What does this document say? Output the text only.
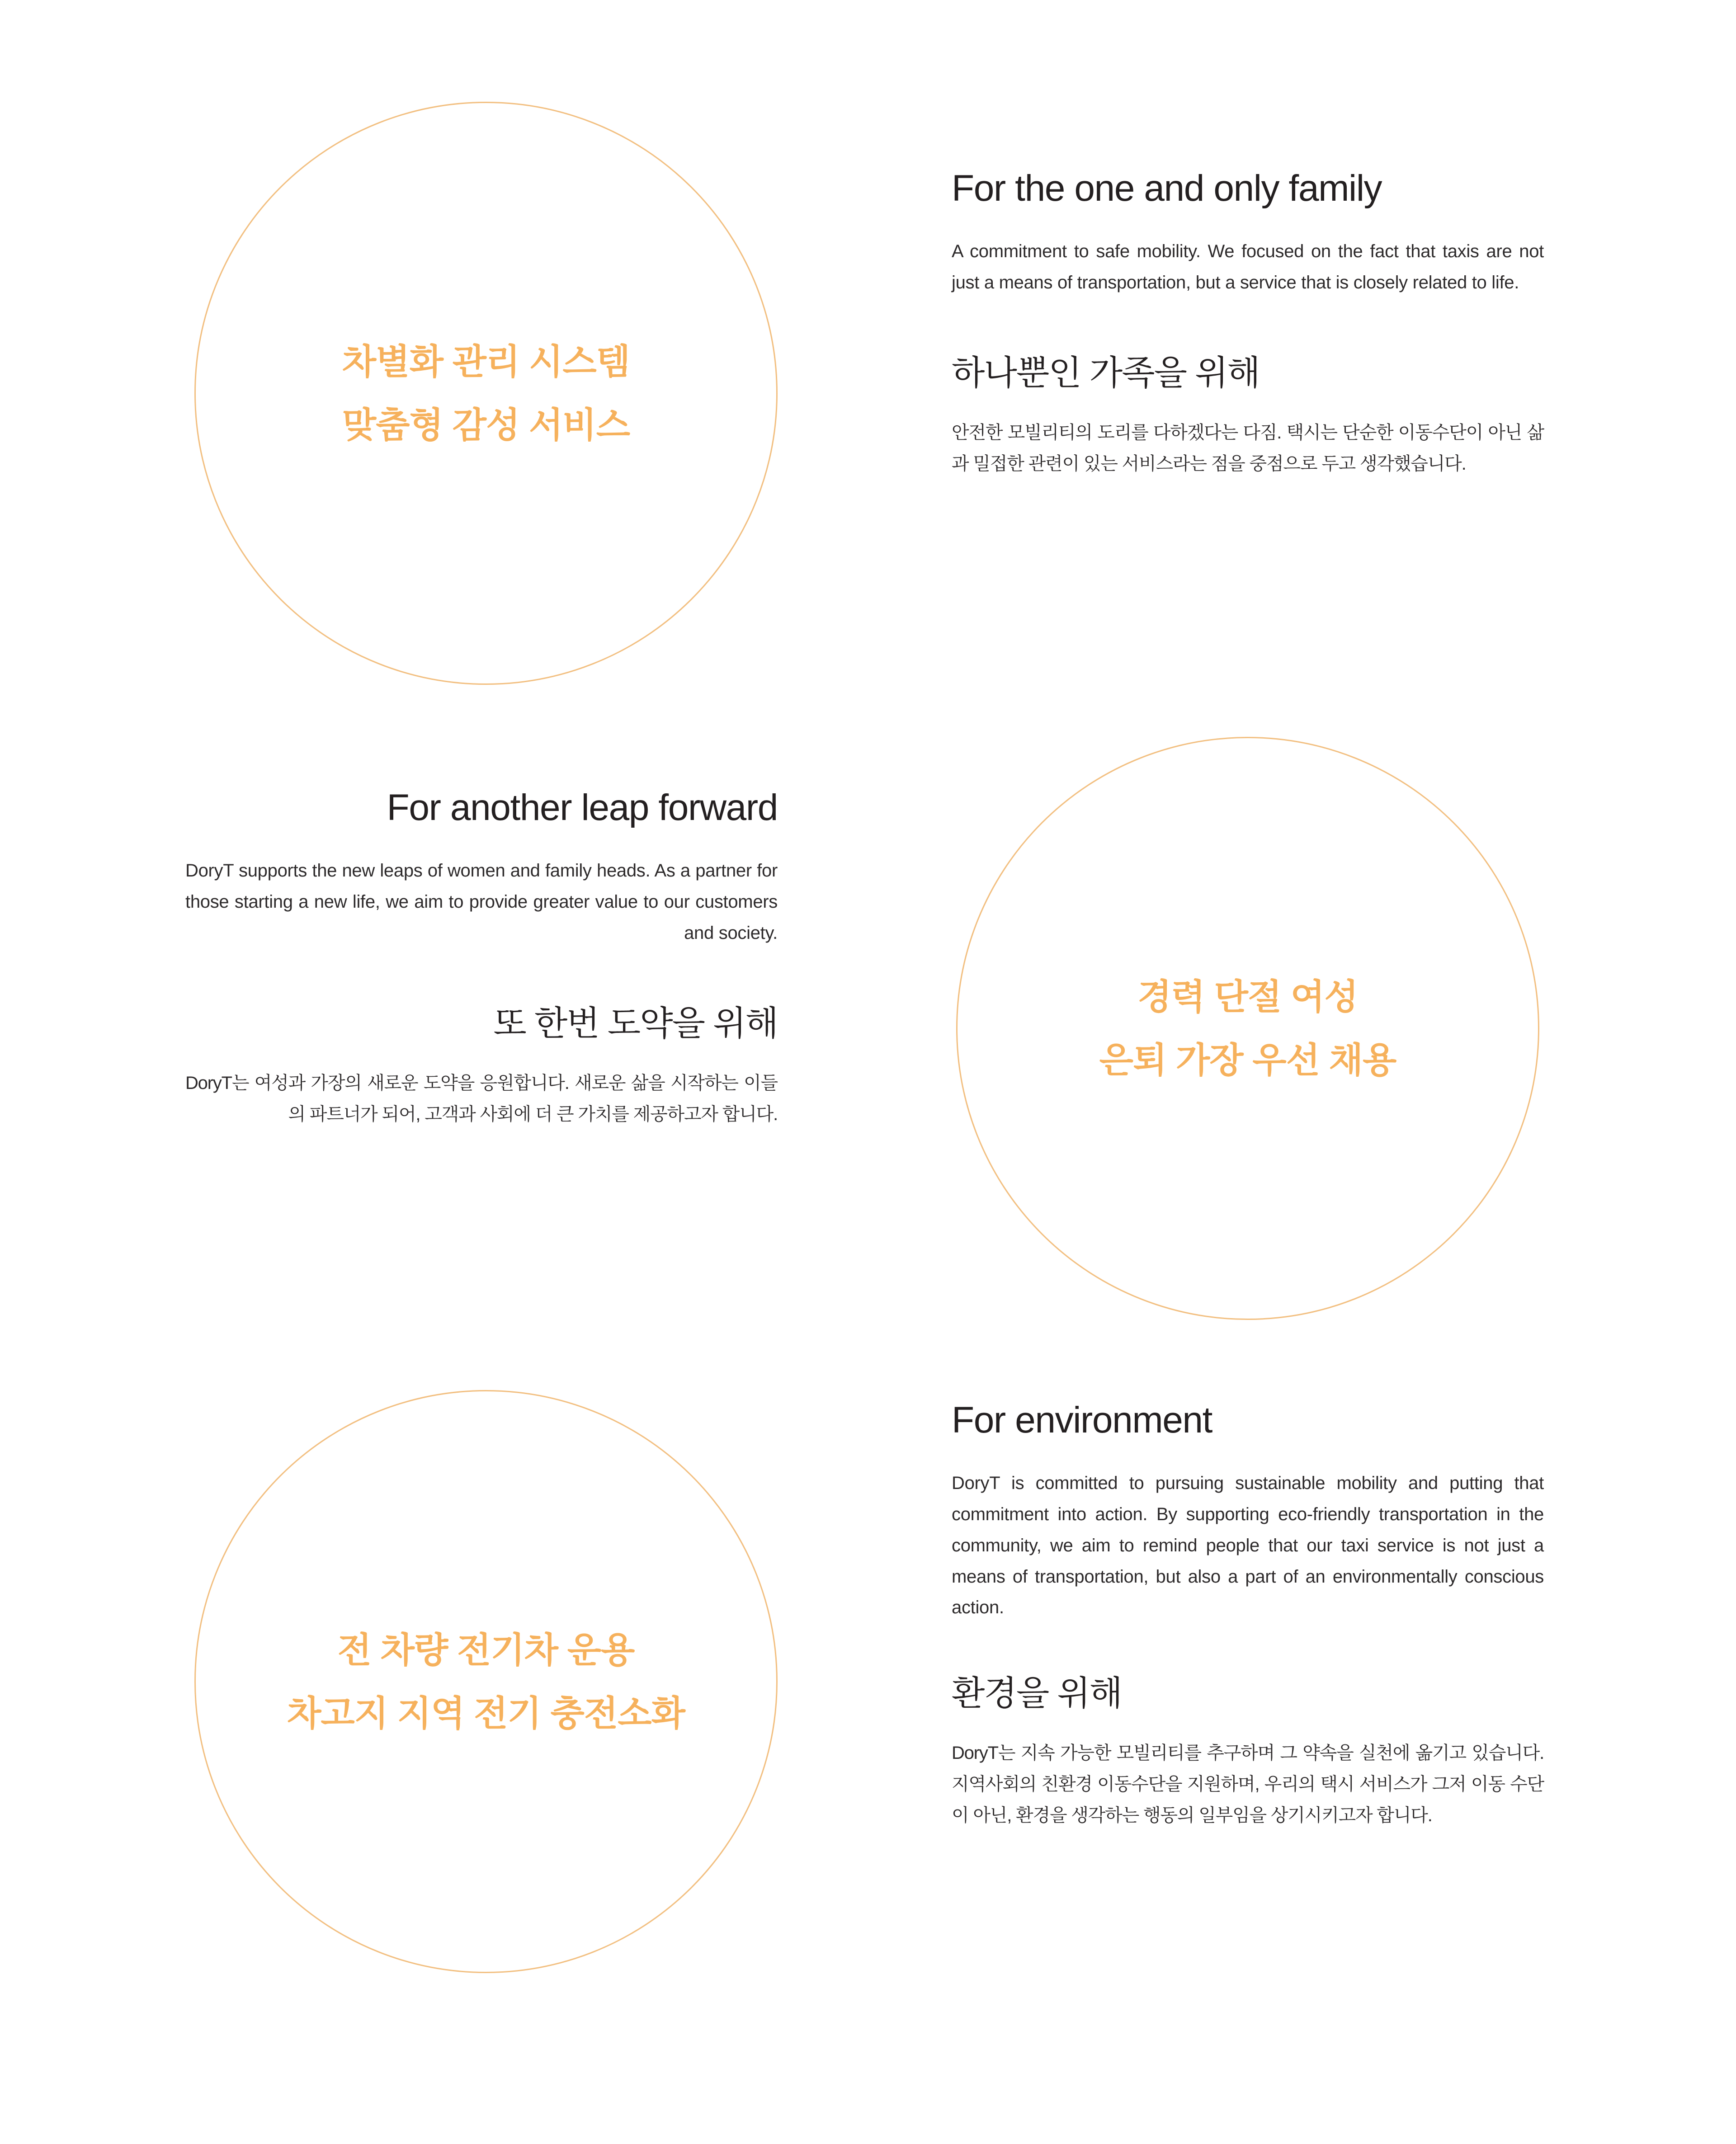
차별화 관리 시스템
맞춤형 감성 서비스
For the one and only family

A commitment to safe mobility. We focused on the fact that taxis are not just a means of transportation, but a service that is closely related to life.

하나뿐인 가족을 위해

안전한 모빌리티의 도리를 다하겠다는 다짐. 택시는 단순한 이동수단이 아닌 삶과 밀접한 관련이 있는 서비스라는 점을 중점으로 두고 생각했습니다.

For another leap forward

DoryT supports the new leaps of women and family heads. As a partner for those starting a new life, we aim to provide greater value to our customers and society.

또 한번 도약을 위해

DoryT는 여성과 가장의 새로운 도약을 응원합니다. 새로운 삶을 시작하는 이들의 파트너가 되어, 고객과 사회에 더 큰 가치를 제공하고자 합니다.

경력 단절 여성
은퇴 가장 우선 채용
전 차량 전기차 운용
차고지 지역 전기 충전소화
For environment

DoryT is committed to pursuing sustainable mobility and putting that commitment into action. By supporting eco-friendly transportation in the community, we aim to remind people that our taxi service is not just a means of transportation, but also a part of an environmentally conscious action.

환경을 위해

DoryT는 지속 가능한 모빌리티를 추구하며 그 약속을 실천에 옮기고 있습니다. 지역사회의 친환경 이동수단을 지원하며, 우리의 택시 서비스가 그저 이동 수단이 아닌, 환경을 생각하는 행동의 일부임을 상기시키고자 합니다.
